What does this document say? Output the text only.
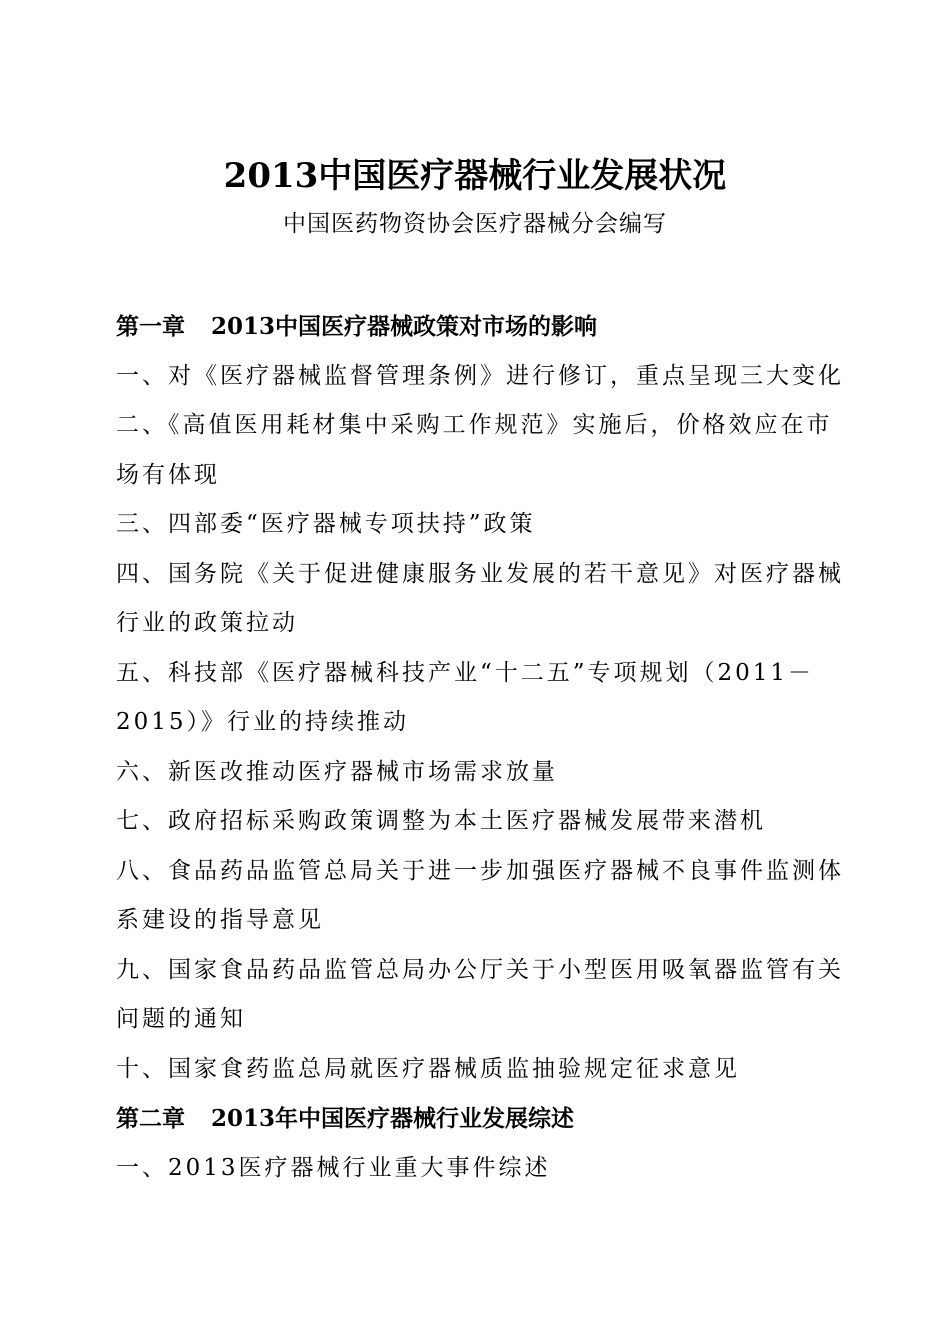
2013中国医疗器械行业发展状况
中国医药物资协会医疗器械分会编写
第一章 2013中国医疗器械政策对市场的影响
一、对《医疗器械监督管理条例》进行修订，重点呈现三大变化
二、《高值医用耗材集中采购工作规范》实施后，价格效应在市
场有体现
三、四部委“医疗器械专项扶持”政策
四、国务院《关于促进健康服务业发展的若干意见》对医疗器械
行业的政策拉动
五、科技部《医疗器械科技产业“十二五”专项规划（2011－
2015）》行业的持续推动
六、新医改推动医疗器械市场需求放量
七、政府招标采购政策调整为本土医疗器械发展带来潜机
八、食品药品监管总局关于进一步加强医疗器械不良事件监测体
系建设的指导意见
九、国家食品药品监管总局办公厅关于小型医用吸氧器监管有关
问题的通知
十、国家食药监总局就医疗器械质监抽验规定征求意见
第二章 2013年中国医疗器械行业发展综述
一、2013医疗器械行业重大事件综述
